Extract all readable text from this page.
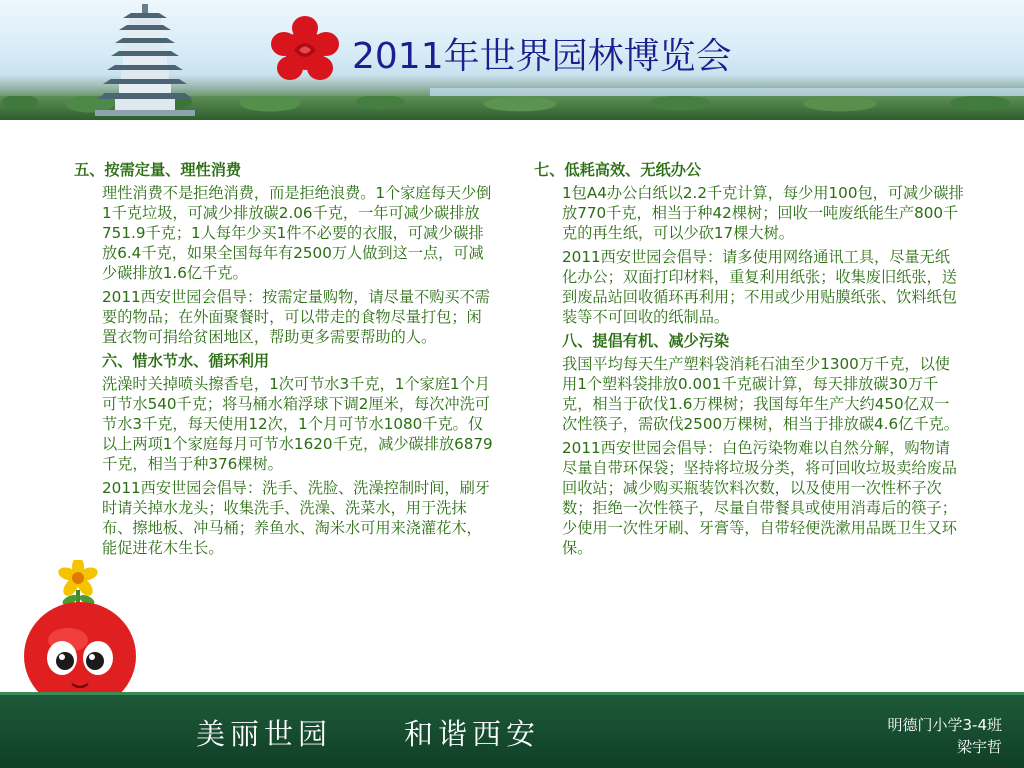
2011年世界园林博览会
五、按需定量、理性消费
理性消费不是拒绝消费，而是拒绝浪费。1个家庭每天少倒1千克垃圾，可减少排放碳2.06千克，一年可减少碳排放751.9千克；1人每年少买1件不必要的衣服，可减少碳排放6.4千克，如果全国每年有2500万人做到这一点，可减少碳排放1.6亿千克。
2011西安世园会倡导：按需定量购物，请尽量不购买不需要的物品；在外面聚餐时，可以带走的食物尽量打包；闲置衣物可捐给贫困地区，帮助更多需要帮助的人。
六、惜水节水、循环利用
洗澡时关掉喷头擦香皂，1次可节水3千克，1个家庭1个月可节水540千克；将马桶水箱浮球下调2厘米，每次冲洗可节水3千克，每天使用12次，1个月可节水1080千克。仅以上两项1个家庭每月可节水1620千克，减少碳排放6879千克，相当于种376棵树。
2011西安世园会倡导：洗手、洗脸、洗澡控制时间，刷牙时请关掉水龙头；收集洗手、洗澡、洗菜水，用于洗抹布、擦地板、冲马桶；养鱼水、淘米水可用来浇灌花木，能促进花木生长。
七、低耗高效、无纸办公
1包A4办公白纸以2.2千克计算，每少用100包，可减少碳排放770千克，相当于种42棵树；回收一吨废纸能生产800千克的再生纸，可以少砍17棵大树。
2011西安世园会倡导：请多使用网络通讯工具，尽量无纸化办公；双面打印材料，重复利用纸张；收集废旧纸张，送到废品站回收循环再利用；不用或少用贴膜纸张、饮料纸包装等不可回收的纸制品。
八、提倡有机、减少污染
我国平均每天生产塑料袋消耗石油至少1300万千克，以使用1个塑料袋排放0.001千克碳计算，每天排放碳30万千克，相当于砍伐1.6万棵树；我国每年生产大约450亿双一次性筷子，需砍伐2500万棵树，相当于排放碳4.6亿千克。
2011西安世园会倡导：白色污染物难以自然分解，购物请尽量自带环保袋；坚持将垃圾分类，将可回收垃圾卖给废品回收站；减少购买瓶装饮料次数，以及使用一次性杯子次数；拒绝一次性筷子，尽量自带餐具或使用消毒后的筷子；少使用一次性牙刷、牙膏等，自带轻便洗漱用品既卫生又环保。
美丽世园 和谐西安	明德门小学3-4班
梁宇哲
